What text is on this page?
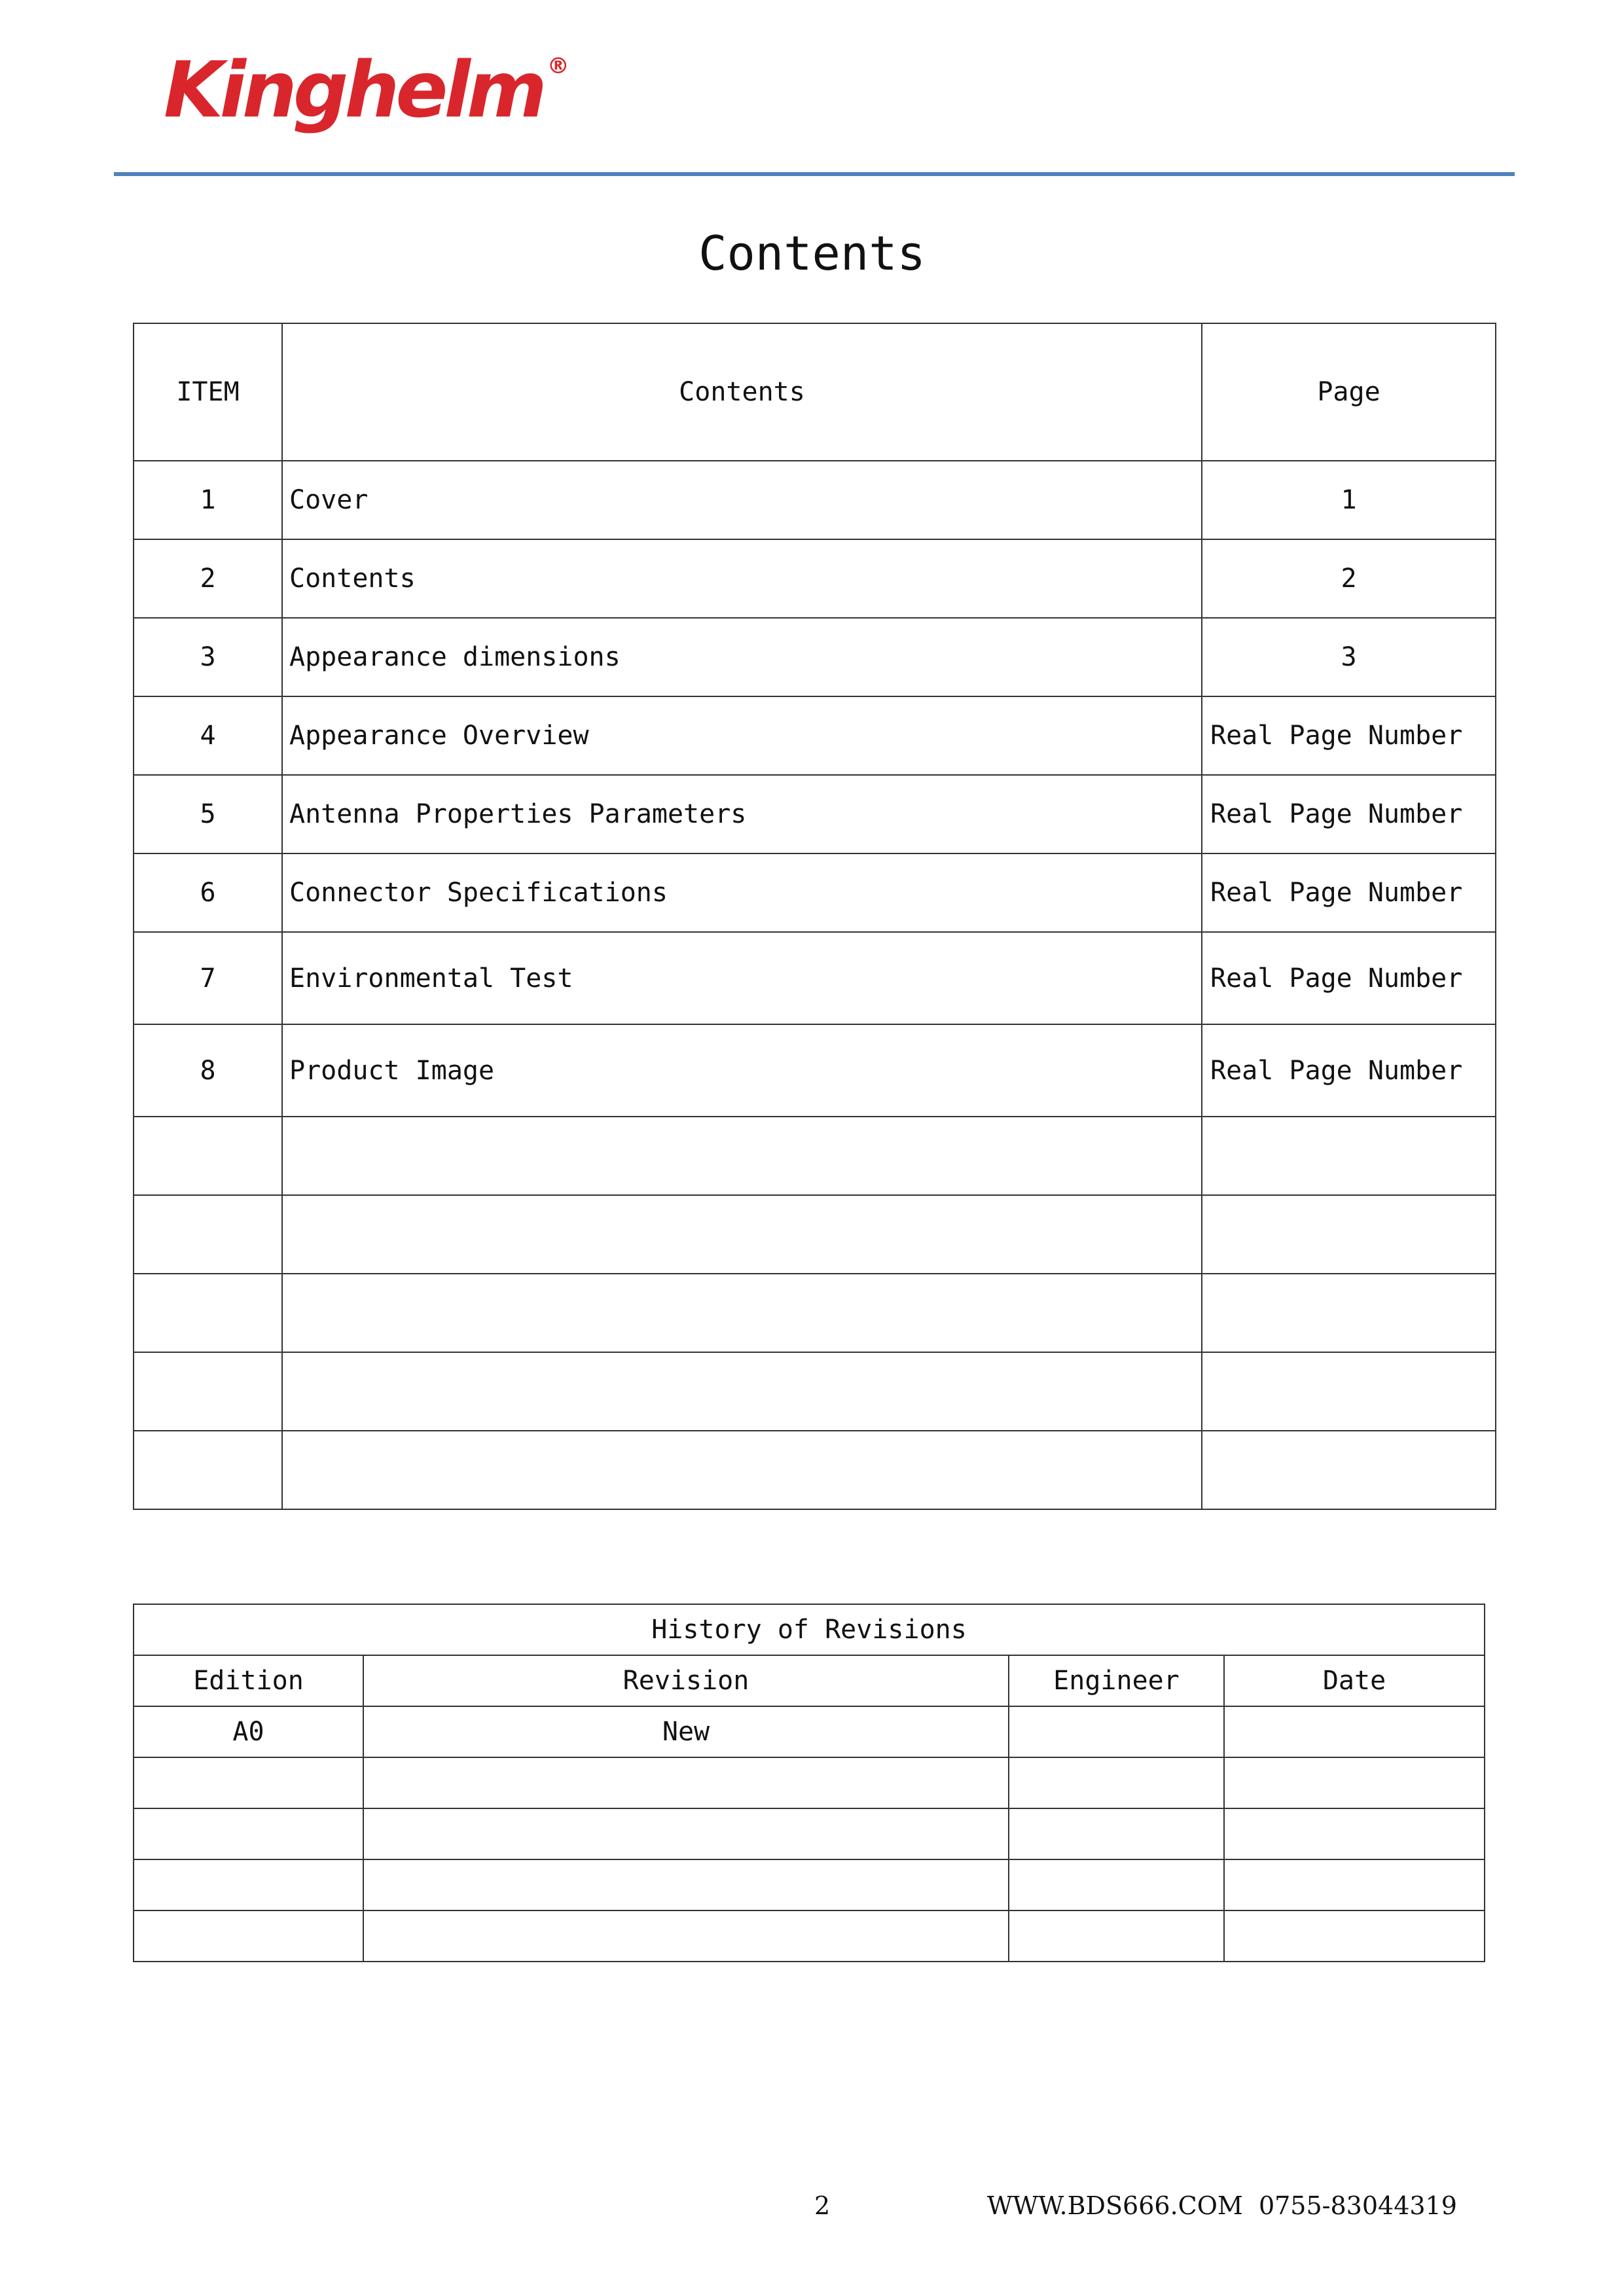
Kinghelm ®
Contents
ITEM	Contents	Page
1	Cover	1
2	Contents	2
3	Appearance dimensions	3
4	Appearance Overview	Real Page Number
5	Antenna Properties Parameters	Real Page Number
6	Connector Specifications	Real Page Number
7	Environmental Test	Real Page Number
8	Product Image	Real Page Number

History of Revisions			
Edition	Revision	Engineer	Date
A0	New		

2	WWW.BDS666.COM  0755-83044319
